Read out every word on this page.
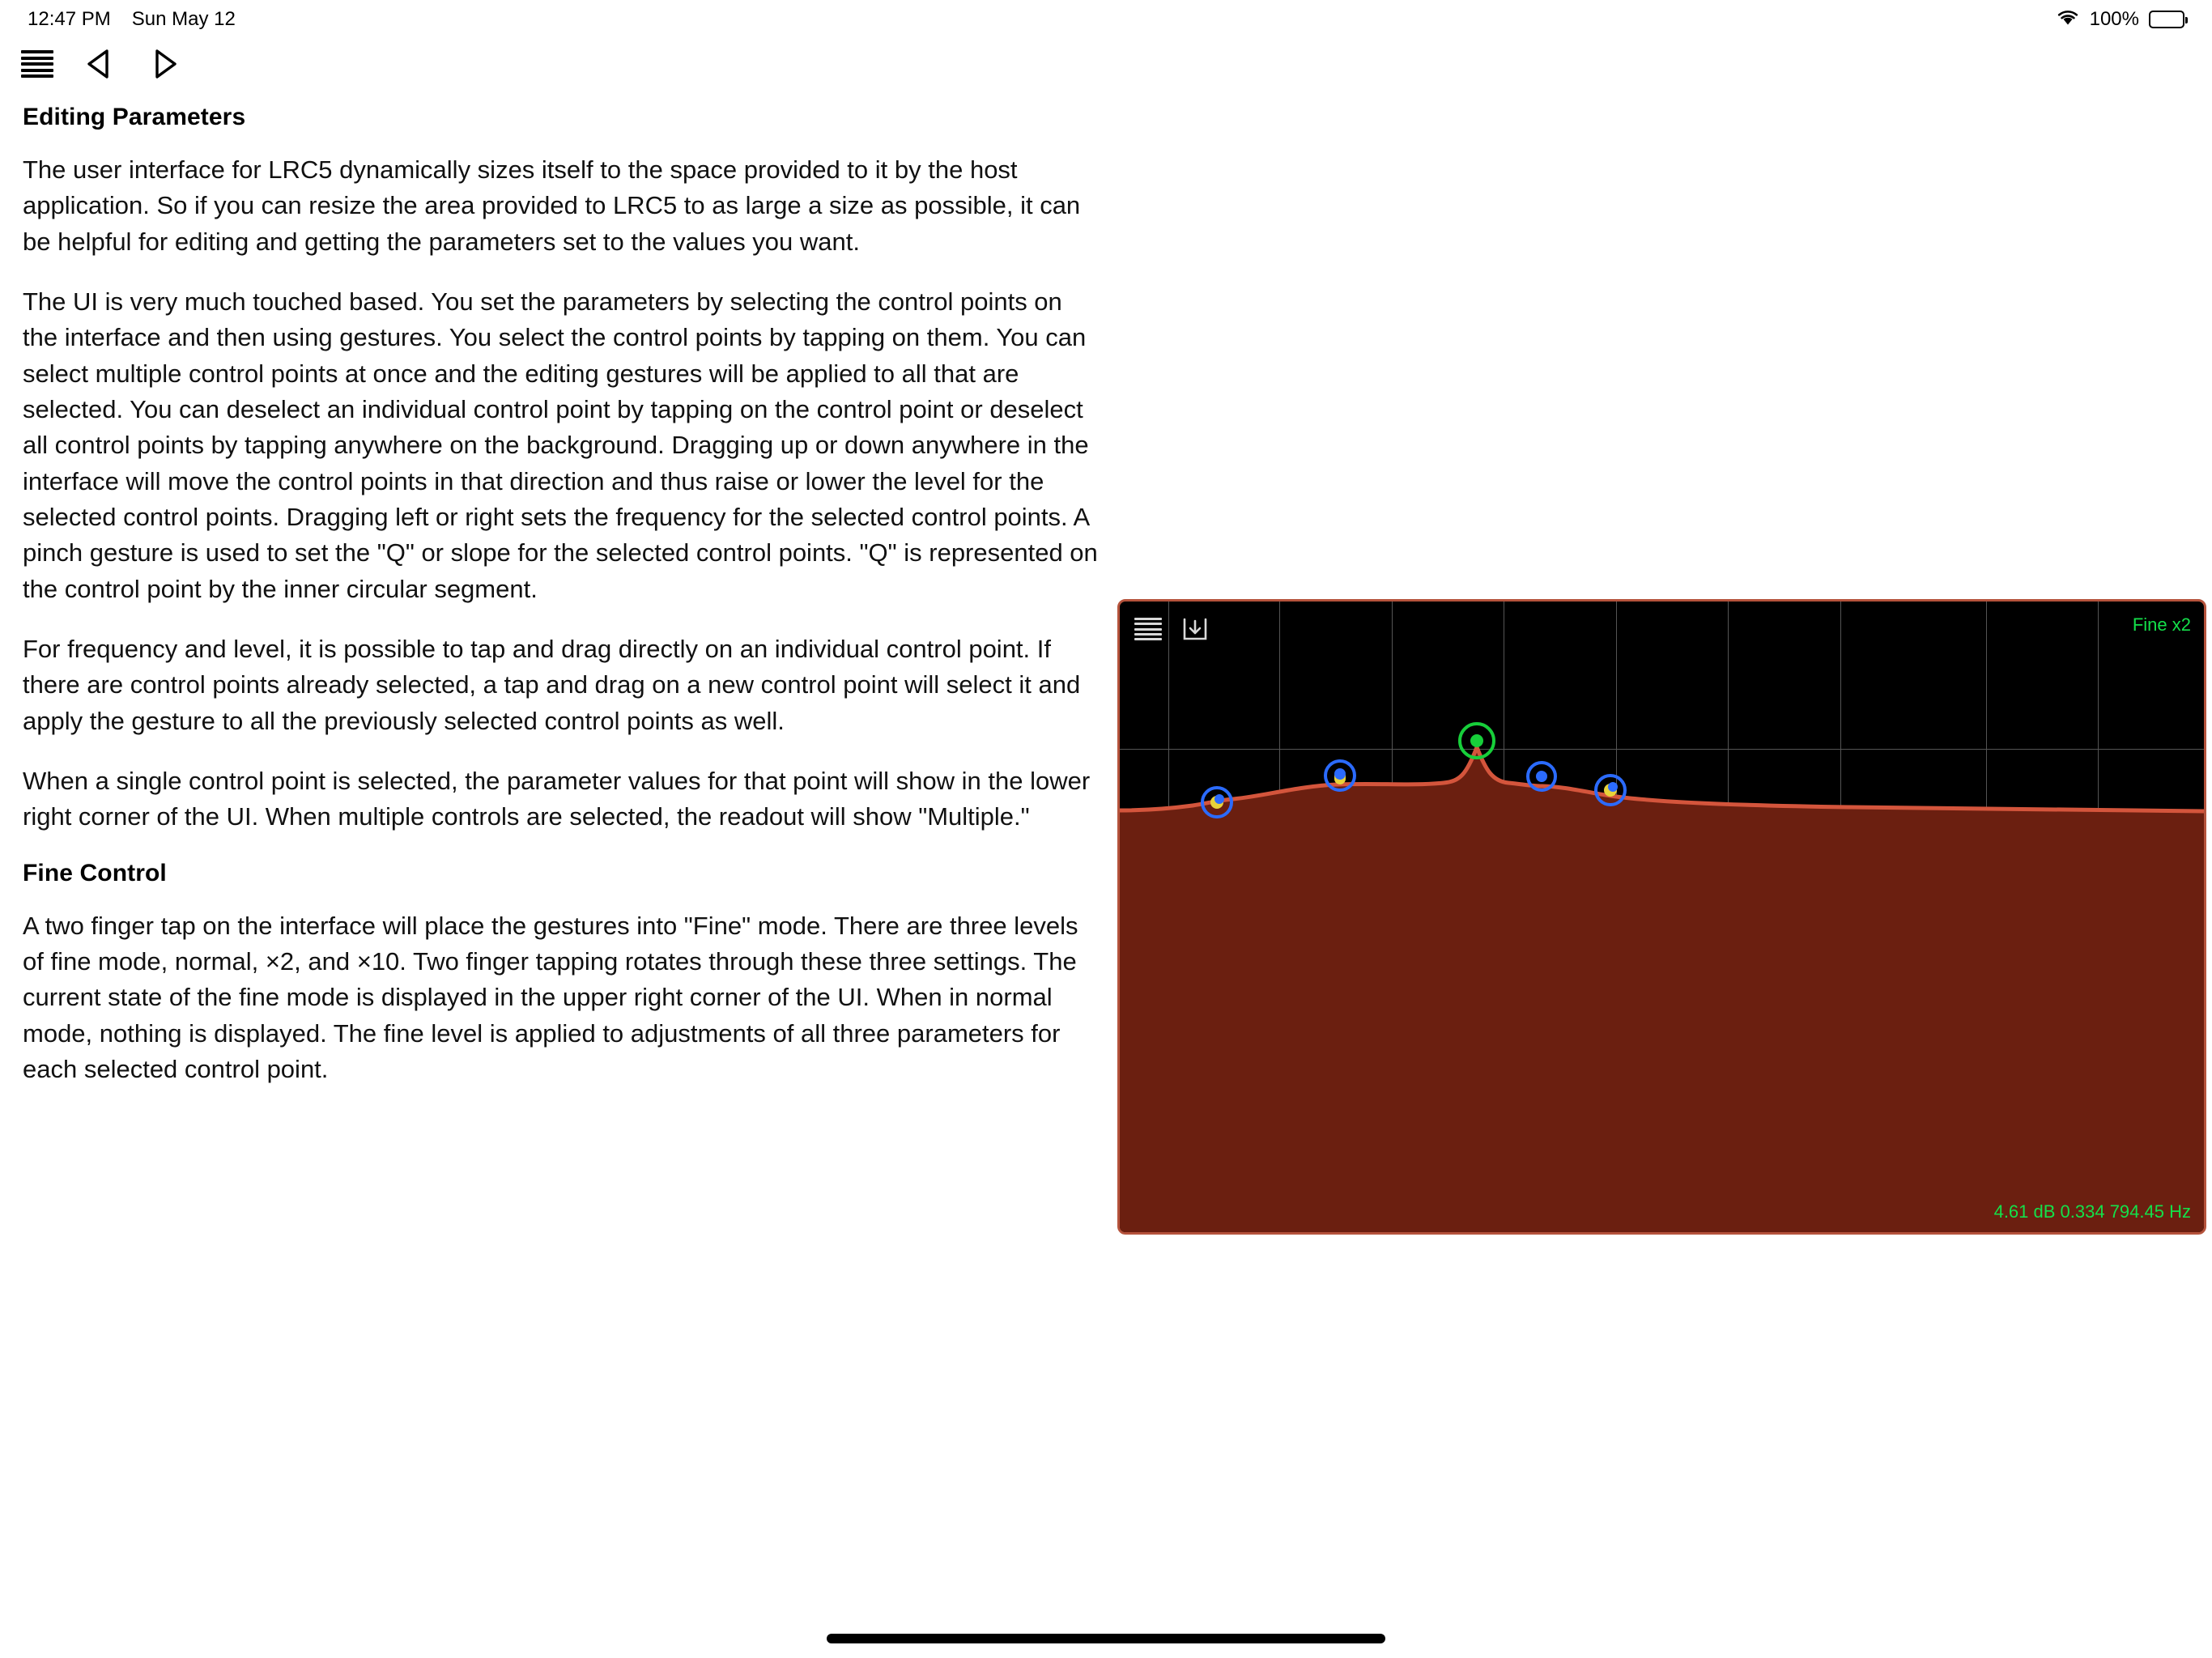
12:47 PM Sun May 12	100%
Editing Parameters

The user interface for LRC5 dynamically sizes itself to the space provided to it by the host application. So if you can resize the area provided to LRC5 to as large a size as possible, it can be helpful for editing and getting the parameters set to the values you want.

The UI is very much touched based. You set the parameters by selecting the control points on the interface and then using gestures. You select the control points by tapping on them. You can select multiple control points at once and the editing gestures will be applied to all that are selected. You can deselect an individual control point by tapping on the control point or deselect all control points by tapping anywhere on the background. Dragging up or down anywhere in the interface will move the control points in that direction and thus raise or lower the level for the selected control points. Dragging left or right sets the frequency for the selected control points. A pinch gesture is used to set the "Q" or slope for the selected control points. "Q" is represented on the control point by the inner circular segment.

For frequency and level, it is possible to tap and drag directly on an individual control point. If there are control points already selected, a tap and drag on a new control point will select it and apply the gesture to all the previously selected control points as well.

When a single control point is selected, the parameter values for that point will show in the lower right corner of the UI. When multiple controls are selected, the readout will show "Multiple."

Fine Control

A two finger tap on the interface will place the gestures into "Fine" mode. There are three levels of fine mode, normal, ×2, and ×10. Two finger tapping rotates through these three settings. The current state of the fine mode is displayed in the upper right corner of the UI. When in normal mode, nothing is displayed. The fine level is applied to adjustments of all three parameters for each selected control point.

Fine x2
4.61 dB 0.334 794.45 Hz
